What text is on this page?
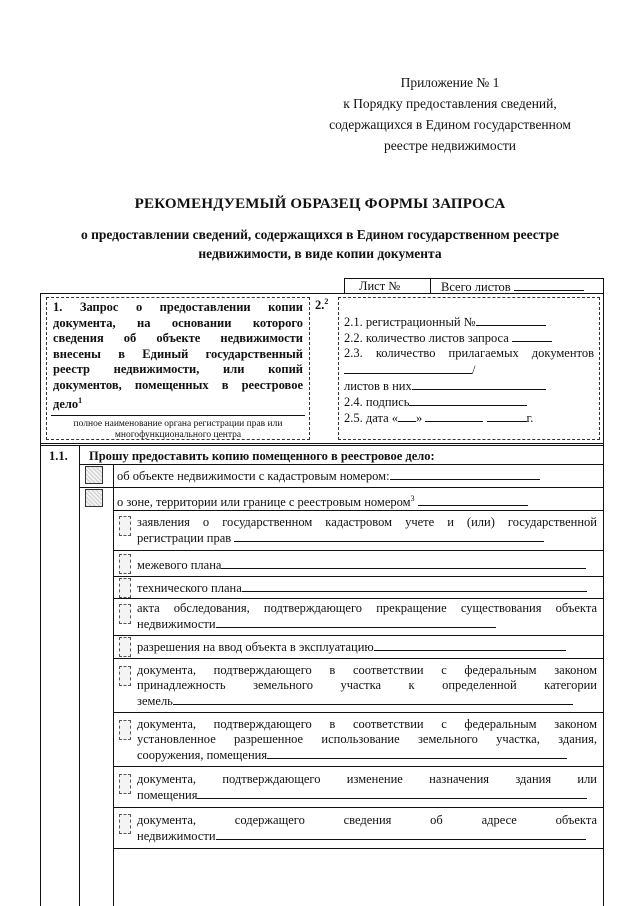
Приложение № 1
к Порядку предоставления сведений,
содержащихся в Едином государственном
реестре недвижимости
РЕКОМЕНДУЕМЫЙ ОБРАЗЕЦ ФОРМЫ ЗАПРОСА
о предоставлении сведений, содержащихся в Едином государственном реестре
недвижимости, в виде копии документа
Лист №	Всего листов
1. Запрос о предоставлении копии
документа, на основании которого
сведения об объекте недвижимости
внесены в Единый государственный
реестр недвижимости, или копий
документов, помещенных в реестровое
дело$^1$
полное наименование органа регистрации прав или
многофункционального центра
2.$^2$
2.1. регистрационный №
2.2. количество листов запроса
2.3. количество прилагаемых документов
/
листов в них
2.4. подпись
2.5. дата « »	г.
1.1. Прошу предоставить копию помещенного в реестровое дело:
об объекте недвижимости с кадастровым номером:
о зоне, территории или границе с реестровым номером$^3$
заявления о государственном кадастровом учете и (или) государственной
регистрации прав
межевого плана
технического плана
акта обследования, подтверждающего прекращение существования объекта
недвижимости
разрешения на ввод объекта в эксплуатацию
документа, подтверждающего в соответствии с федеральным законом
принадлежность земельного участка к определенной категории
земель
документа, подтверждающего в соответствии с федеральным законом
установленное разрешенное использование земельного участка, здания,
сооружения, помещения
документа, подтверждающего изменение назначения здания или
помещения
документа, содержащего сведения об адресе объекта
недвижимости
